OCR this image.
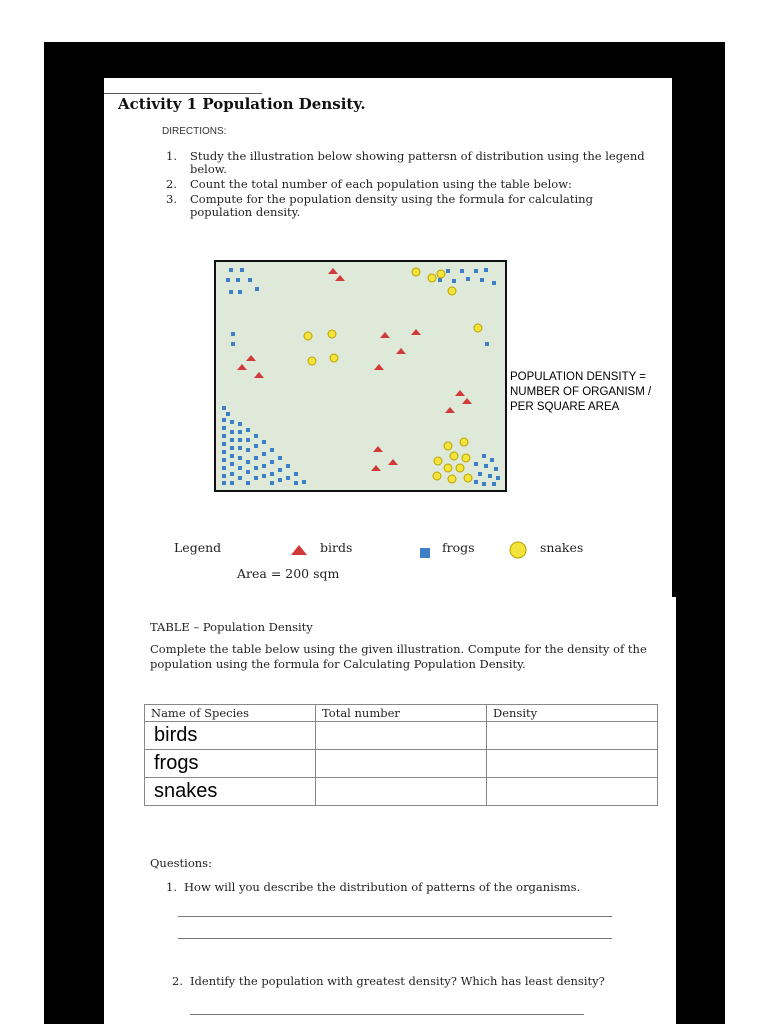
Activity 1 Population Density.
DIRECTIONS:
1.	Study the illustration below showing pattersn of distribution using the legend below.
2.	Count the total number of each population using the table below:
3.	Compute for the population density using the formula for calculating population density.
POPULATION DENSITY = NUMBER OF ORGANISM / PER SQUARE AREA
Legend	birds	frogs	snakes
Area = 200 sqm
TABLE – Population Density
Complete the table below using the given illustration. Compute for the density of the population using the formula for Calculating Population Density.
Name of Species	Total number	Density
birds		
frogs		
snakes		
Questions:
1. How will you describe the distribution of patterns of the organisms.
2. Identify the population with greatest density? Which has least density?
